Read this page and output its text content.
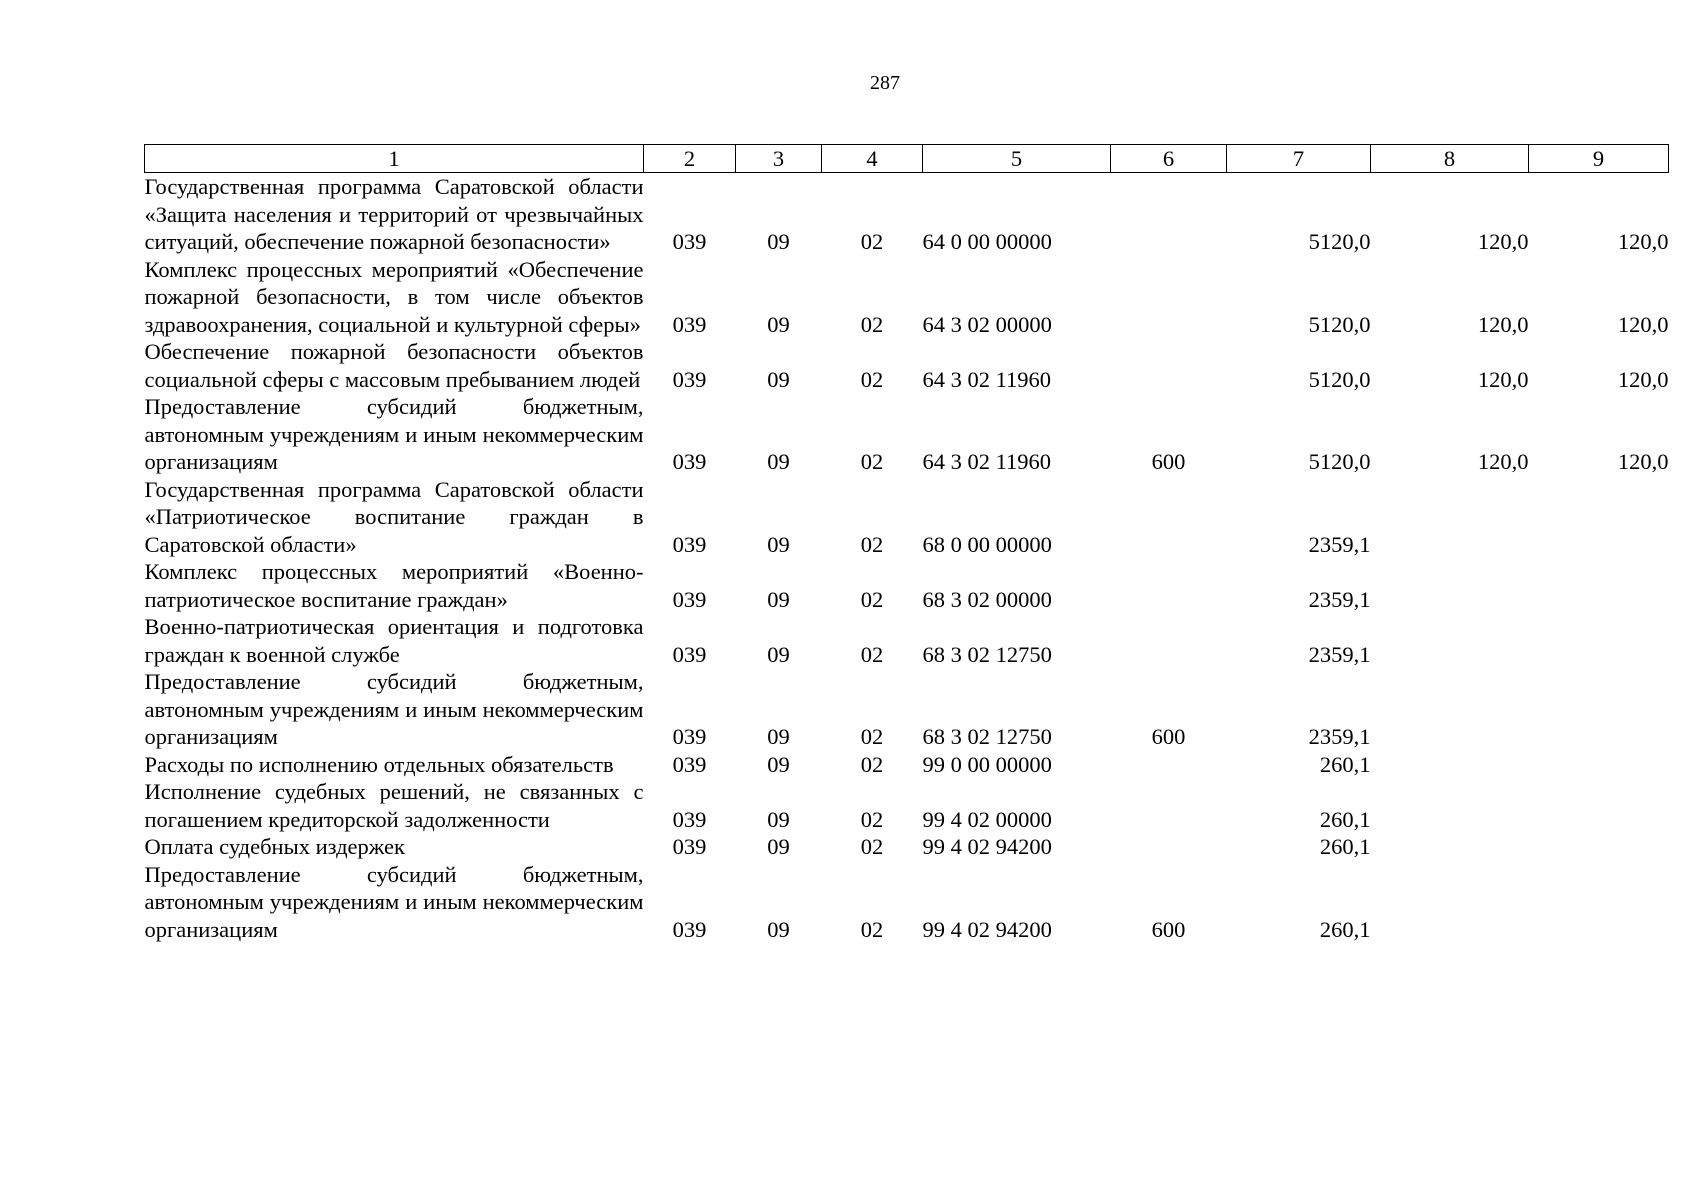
287
1	2	3	4	5	6	7	8	9
Государственная программа Саратовской области «Защита населения и территорий от чрезвычайных ситуаций, обеспечение пожарной безопасности»	039	09	02	64 0 00 00000		5120,0	120,0	120,0
Комплекс процессных мероприятий «Обеспечение пожарной безопасности, в том числе объектов здравоохранения, социальной и культурной сферы»	039	09	02	64 3 02 00000		5120,0	120,0	120,0
Обеспечение пожарной безопасности объектов социальной сферы с массовым пребыванием людей	039	09	02	64 3 02 11960		5120,0	120,0	120,0
Предоставление субсидий бюджетным, автономным учреждениям и иным некоммерческим организациям	039	09	02	64 3 02 11960	600	5120,0	120,0	120,0
Государственная программа Саратовской области «Патриотическое воспитание граждан в Саратовской области»	039	09	02	68 0 00 00000		2359,1		
Комплекс процессных мероприятий «Военно-патриотическое воспитание граждан»	039	09	02	68 3 02 00000		2359,1		
Военно-патриотическая ориентация и подготовка граждан к военной службе	039	09	02	68 3 02 12750		2359,1		
Предоставление субсидий бюджетным, автономным учреждениям и иным некоммерческим организациям	039	09	02	68 3 02 12750	600	2359,1		
Расходы по исполнению отдельных обязательств	039	09	02	99 0 00 00000		260,1		
Исполнение судебных решений, не связанных с погашением кредиторской задолженности	039	09	02	99 4 02 00000		260,1		
Оплата судебных издержек	039	09	02	99 4 02 94200		260,1		
Предоставление субсидий бюджетным, автономным учреждениям и иным некоммерческим организациям	039	09	02	99 4 02 94200	600	260,1		
